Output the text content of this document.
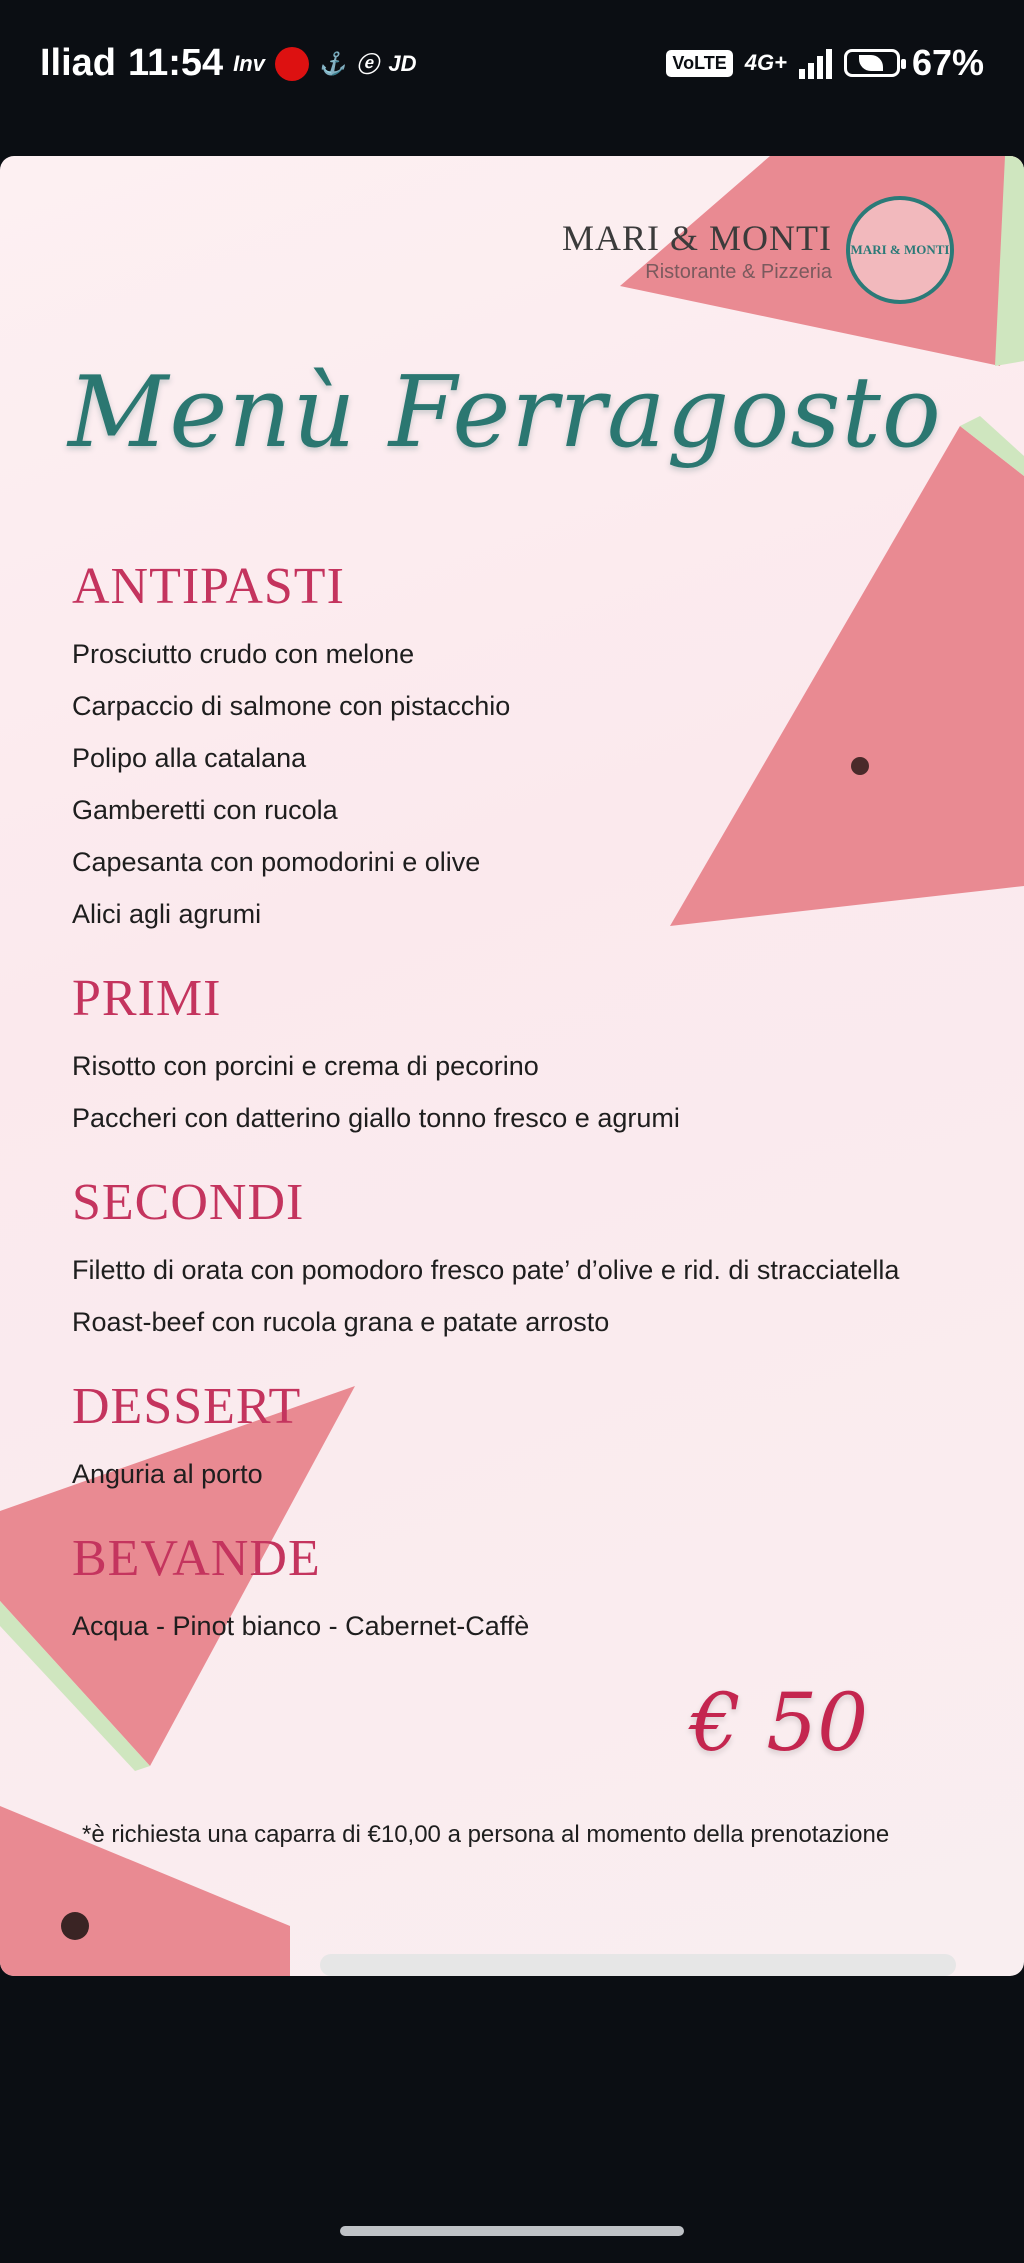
Iliad 11:54 Inv ⚓ ⓔ JD	VoLTE 4G+	67%
MARI & MONTI
Ristorante & Pizzeria
MARI & MONTI
Menù Ferragosto
ANTIPASTI
Prosciutto crudo con melone
Carpaccio di salmone con pistacchio
Polipo alla catalana
Gamberetti con rucola
Capesanta con pomodorini e olive
Alici agli agrumi
PRIMI
Risotto con porcini e crema di pecorino
Paccheri con datterino giallo tonno fresco e agrumi
SECONDI
Filetto di orata con pomodoro fresco pate’ d’olive e rid. di stracciatella
Roast-beef con rucola grana e patate arrosto
DESSERT
Anguria al porto
BEVANDE
Acqua - Pinot bianco - Cabernet-Caffè
€ 50
*è richiesta una caparra di €10,00 a persona al momento della prenotazione
